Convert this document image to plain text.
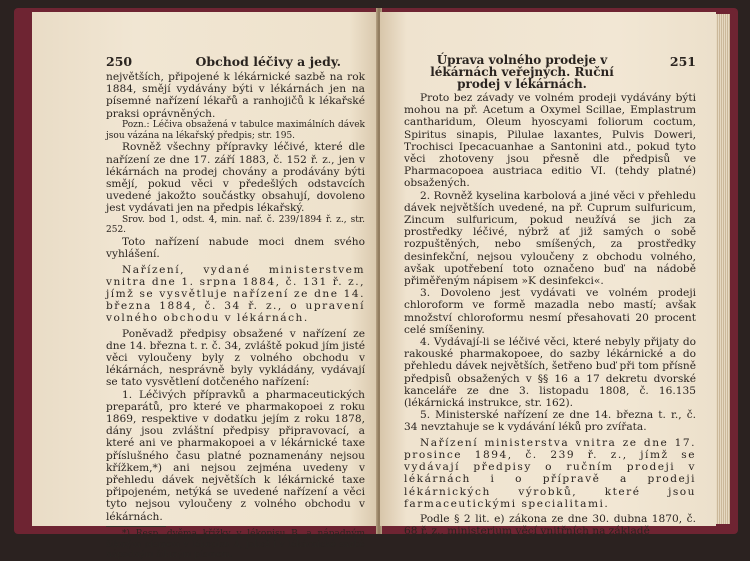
250	Obchod léčivy a jedy.

největších, připojené k lékárnické sazbě na rok 1884, smějí vydávány býti v lékárnách jen na písemné nařízení lékařů a ranhojičů k lékařské praksi oprávněných.

Pozn.: Léčiva obsažená v tabulce maximálních dávek jsou vázána na lékařský předpis; str. 195.

Rovněž všechny přípravky léčivé, které dle nařízení ze dne 17. září 1883, č. 152 ř. z., jen v lékárnách na prodej chovány a prodávány býti smějí, pokud věci v předešlých odstavcích uvedené jakožto součástky obsahují, dovoleno jest vydávati jen na předpis lékařský.

Srov. bod 1, odst. 4, min. nař. č. 239/1894 ř. z., str. 252.

Toto nařízení nabude moci dnem svého vyhlášení.

Nařízení, vydané ministerstvem vnitra dne 1. srpna 1884, č. 131 ř. z., jímž se vysvětluje nařízení ze dne 14. března 1884, č. 34 ř. z., o upravení volného obchodu v lékárnách.

Poněvadž předpisy obsažené v nařízení ze dne 14. března t. r. č. 34, zvláště pokud jím jisté věci vyloučeny byly z volného obchodu v lékárnách, nesprávně byly vykládány, vydávají se tato vysvětlení dotčeného nařízení:

1. Léčivých přípravků a pharmaceutických preparátů, pro které ve pharmakopoei z roku 1869, respektive v dodatku jejím z roku 1878, dány jsou zvláštní předpisy připravovací, a které ani ve pharmakopoei a v lékárnické taxe příslušného času platné poznamenány nejsou křížkem,*) ani nejsou zejména uvedeny v přehledu dávek největších k lékárnické taxe připojeném, netýká se uvedené nařízení a věci tyto nejsou vyloučeny z volného obchodu v lékárnách.

*) Resp. dvěma křížky v lékopisu B, a nápadným šikmým písmem v lékopisu A, jakož i v lékárnické sazbě nápadným šikmým písmem.

Úprava volného prodeje v lékárnách veřejných. Ruční prodej v lékárnách.
251

Proto bez závady ve volném prodeji vydávány býti mohou na př. Acetum a Oxymel Scillae, Emplastrum cantharidum, Oleum hyoscyami foliorum coctum, Spiritus sinapis, Pilulae laxantes, Pulvis Doweri, Trochisci Ipecacuanhae a Santonini atd., pokud tyto věci zhotoveny jsou přesně dle předpisů ve Pharmacopoea austriaca editio VI. (tehdy platné) obsažených.

2. Rovněž kyselina karbolová a jiné věci v přehledu dávek největších uvedené, na př. Cuprum sulfuricum, Zincum sulfuricum, pokud neužívá se jich za prostředky léčivé, nýbrž ať již samých o sobě rozpuštěných, nebo smíšených, za prostředky desinfekční, nejsou vyloučeny z obchodu volného, avšak upotřebení toto označeno buď na nádobě přiměřeným nápisem »K desinfekci«.

3. Dovoleno jest vydávati ve volném prodeji chloroform ve formě mazadla nebo mastí; avšak množství chloroformu nesmí přesahovati 20 procent celé smíšeniny.

4. Vydávají-li se léčivé věci, které nebyly přijaty do rakouské pharmakopoee, do sazby lékárnické a do přehledu dávek největších, šetřeno buď při tom přísně předpisů obsažených v §§ 16 a 17 dekretu dvorské kanceláře ze dne 3. listopadu 1808, č. 16.135 (lékárnická instrukce, str. 162).

5. Ministerské nařízení ze dne 14. března t. r., č. 34 nevztahuje se k vydávání léků pro zvířata.

Nařízení ministerstva vnitra ze dne 17. prosince 1894, č. 239 ř. z., jímž se vydávají předpisy o ručním prodeji v lékárnách i o přípravě a prodeji lékárnických výrobků, které jsou farmaceutickými specialitami.

Podle § 2 lit. e) zákona ze dne 30. dubna 1870, č. 68 ř. z., ministerium věcí vnitřních na základě
